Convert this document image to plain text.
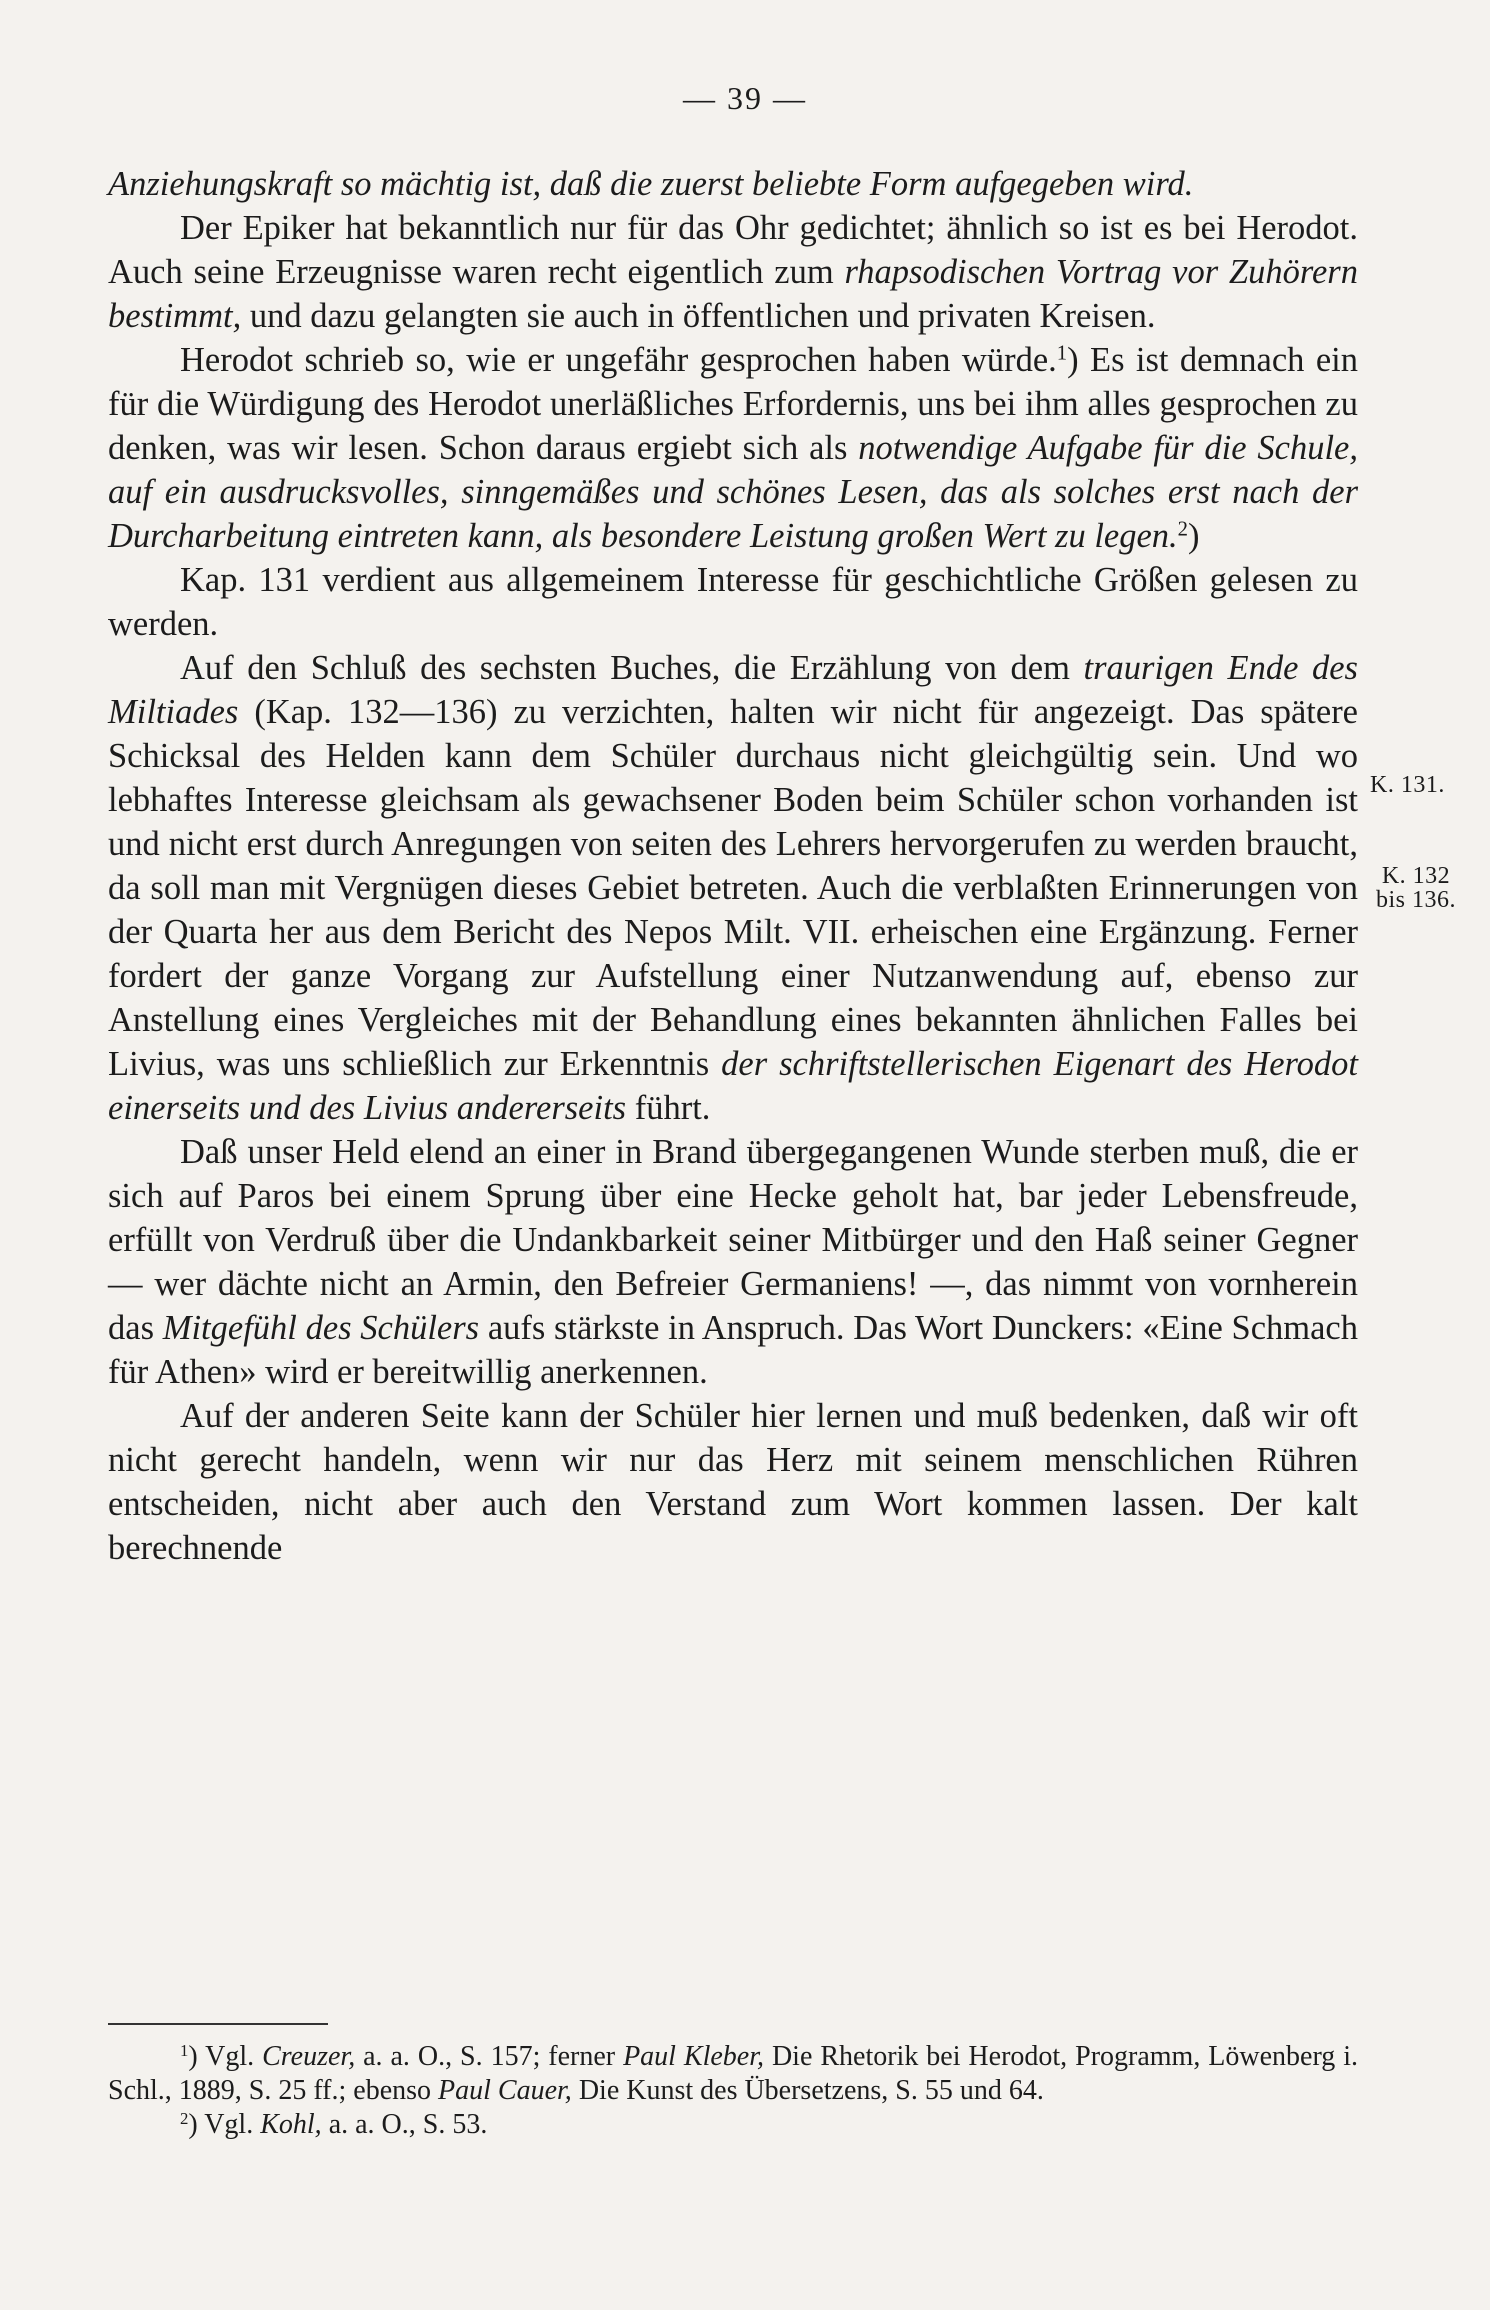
— 39 —

Anziehungskraft so mächtig ist, daß die zuerst beliebte Form aufgegeben wird.

Der Epiker hat bekanntlich nur für das Ohr gedichtet; ähnlich so ist es bei Herodot. Auch seine Erzeugnisse waren recht eigentlich zum rhapsodischen Vortrag vor Zuhörern bestimmt, und dazu gelangten sie auch in öffentlichen und privaten Kreisen.

Herodot schrieb so, wie er ungefähr gesprochen haben würde.$^1$) Es ist demnach ein für die Würdigung des Herodot unerläßliches Erfordernis, uns bei ihm alles gesprochen zu denken, was wir lesen. Schon daraus ergiebt sich als notwendige Aufgabe für die Schule, auf ein ausdrucksvolles, sinngemäßes und schönes Lesen, das als solches erst nach der Durcharbeitung eintreten kann, als besondere Leistung großen Wert zu legen.$^2$)

Kap. 131 verdient aus allgemeinem Interesse für geschichtliche Größen gelesen zu werden.

Auf den Schluß des sechsten Buches, die Erzählung von dem traurigen Ende des Miltiades (Kap. 132—136) zu verzichten, halten wir nicht für angezeigt. Das spätere Schicksal des Helden kann dem Schüler durchaus nicht gleichgültig sein. Und wo lebhaftes Interesse gleichsam als gewachsener Boden beim Schüler schon vorhanden ist und nicht erst durch Anregungen von seiten des Lehrers hervorgerufen zu werden braucht, da soll man mit Vergnügen dieses Gebiet betreten. Auch die verblaßten Erinnerungen von der Quarta her aus dem Bericht des Nepos Milt. VII. erheischen eine Ergänzung. Ferner fordert der ganze Vorgang zur Aufstellung einer Nutzanwendung auf, ebenso zur Anstellung eines Vergleiches mit der Behandlung eines bekannten ähnlichen Falles bei Livius, was uns schließlich zur Erkenntnis der schriftstellerischen Eigenart des Herodot einerseits und des Livius andererseits führt.

Daß unser Held elend an einer in Brand übergegangenen Wunde sterben muß, die er sich auf Paros bei einem Sprung über eine Hecke geholt hat, bar jeder Lebensfreude, erfüllt von Verdruß über die Undankbarkeit seiner Mitbürger und den Haß seiner Gegner — wer dächte nicht an Armin, den Befreier Germaniens! —, das nimmt von vornherein das Mitgefühl des Schülers aufs stärkste in Anspruch. Das Wort Dunckers: «Eine Schmach für Athen» wird er bereitwillig anerkennen.

Auf der anderen Seite kann der Schüler hier lernen und muß bedenken, daß wir oft nicht gerecht handeln, wenn wir nur das Herz mit seinem menschlichen Rühren entscheiden, nicht aber auch den Verstand zum Wort kommen lassen. Der kalt berechnende

K. 131.
K. 132
bis 136.

$^1$) Vgl. Creuzer, a. a. O., S. 157; ferner Paul Kleber, Die Rhetorik bei Herodot, Programm, Löwenberg i. Schl., 1889, S. 25 ff.; ebenso Paul Cauer, Die Kunst des Übersetzens, S. 55 und 64.

$^2$) Vgl. Kohl, a. a. O., S. 53.
